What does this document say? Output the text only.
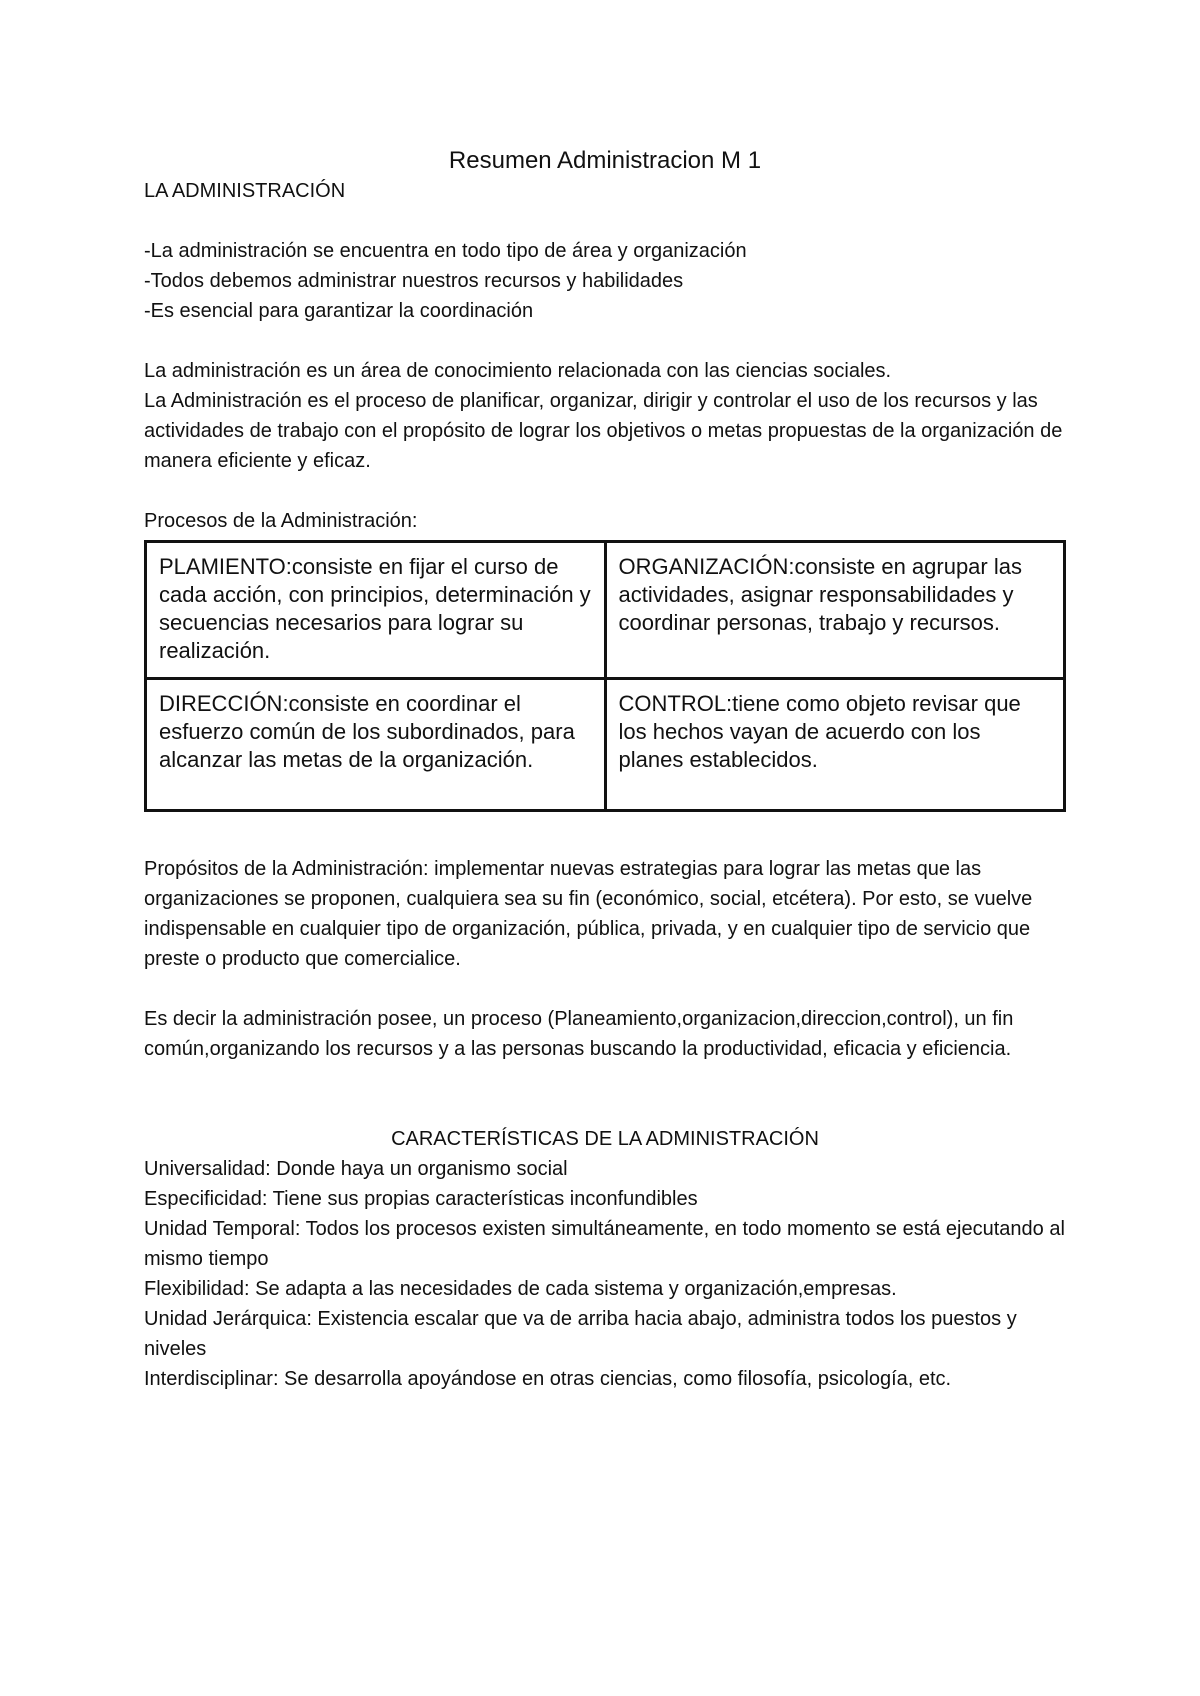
Resumen Administracion M 1

LA ADMINISTRACIÓN

-La administración se encuentra en todo tipo de área y organización

-Todos debemos administrar nuestros recursos y habilidades

-Es esencial para garantizar la coordinación

La administración es un área de conocimiento relacionada con las ciencias sociales.

La Administración es el proceso de planificar, organizar, dirigir y controlar el uso de los recursos y las actividades de trabajo con el propósito de lograr los objetivos o metas propuestas de la organización de manera eficiente y eficaz.

Procesos de la Administración:

PLAMIENTO:consiste en fijar el curso de cada acción, con principios, determinación y secuencias necesarios para lograr su realización.	ORGANIZACIÓN:consiste en agrupar las actividades, asignar responsabilidades y coordinar personas, trabajo y recursos.
DIRECCIÓN:consiste en coordinar el esfuerzo común de los subordinados, para alcanzar las metas de la organización.	CONTROL:tiene como objeto revisar que los hechos vayan de acuerdo con los planes establecidos.

Propósitos de la Administración: implementar nuevas estrategias para lograr las metas que las organizaciones se proponen, cualquiera sea su fin (económico, social, etcétera). Por esto, se vuelve indispensable en cualquier tipo de organización, pública, privada, y en cualquier tipo de servicio que preste o producto que comercialice.

Es decir la administración posee, un proceso (Planeamiento,organizacion,direccion,control), un fin común,organizando los recursos y a las personas buscando la productividad, eficacia y eficiencia.

CARACTERÍSTICAS DE LA ADMINISTRACIÓN

Universalidad: Donde haya un organismo social

Especificidad: Tiene sus propias características inconfundibles

Unidad Temporal: Todos los procesos existen simultáneamente, en todo momento se está ejecutando al mismo tiempo

Flexibilidad: Se adapta a las necesidades de cada sistema y organización,empresas.

Unidad Jerárquica: Existencia escalar que va de arriba hacia abajo, administra todos los puestos y niveles

Interdisciplinar: Se desarrolla apoyándose en otras ciencias, como filosofía, psicología, etc.
